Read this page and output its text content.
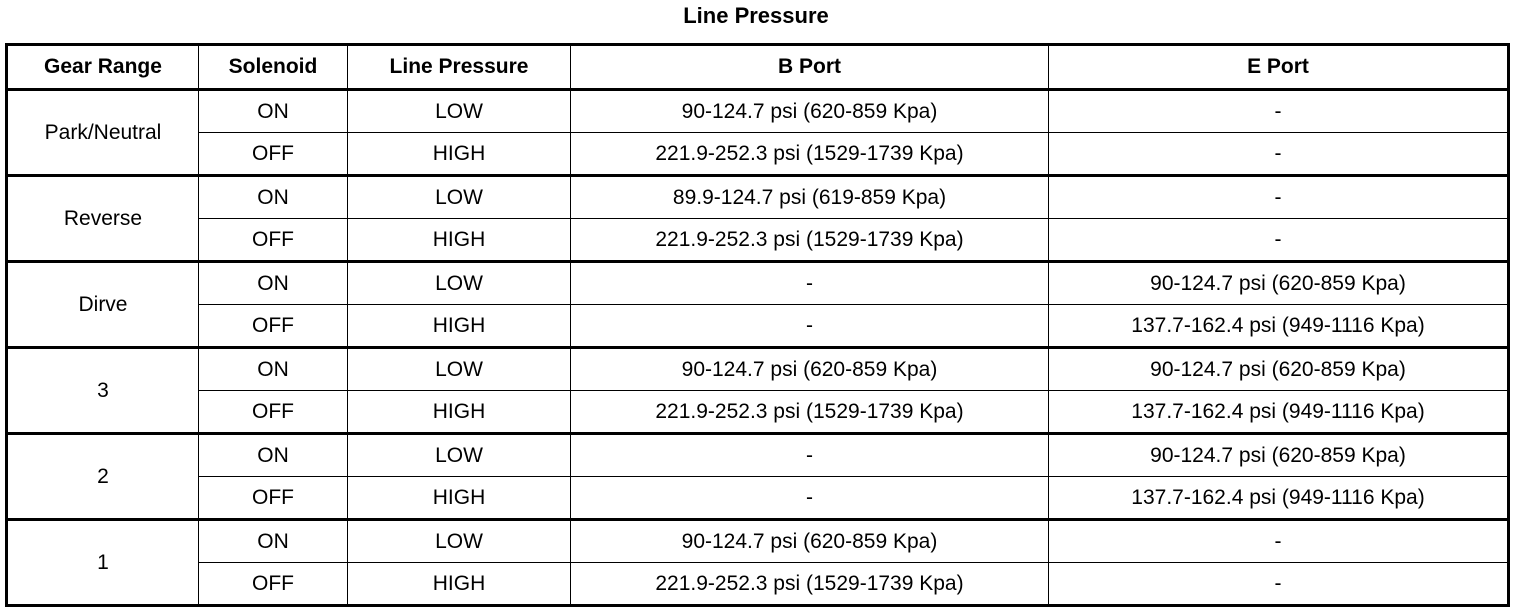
Line Pressure
Gear Range	Solenoid	Line Pressure	B Port	E Port
Park/Neutral	ON	LOW	90-124.7 psi (620-859 Kpa)	-
	OFF	HIGH	221.9-252.3 psi (1529-1739 Kpa)	-
Reverse	ON	LOW	89.9-124.7 psi (619-859 Kpa)	-
	OFF	HIGH	221.9-252.3 psi (1529-1739 Kpa)	-
Dirve	ON	LOW	-	90-124.7 psi (620-859 Kpa)
	OFF	HIGH	-	137.7-162.4 psi (949-1116 Kpa)
3	ON	LOW	90-124.7 psi (620-859 Kpa)	90-124.7 psi (620-859 Kpa)
	OFF	HIGH	221.9-252.3 psi (1529-1739 Kpa)	137.7-162.4 psi (949-1116 Kpa)
2	ON	LOW	-	90-124.7 psi (620-859 Kpa)
	OFF	HIGH	-	137.7-162.4 psi (949-1116 Kpa)
1	ON	LOW	90-124.7 psi (620-859 Kpa)	-
	OFF	HIGH	221.9-252.3 psi (1529-1739 Kpa)	-
